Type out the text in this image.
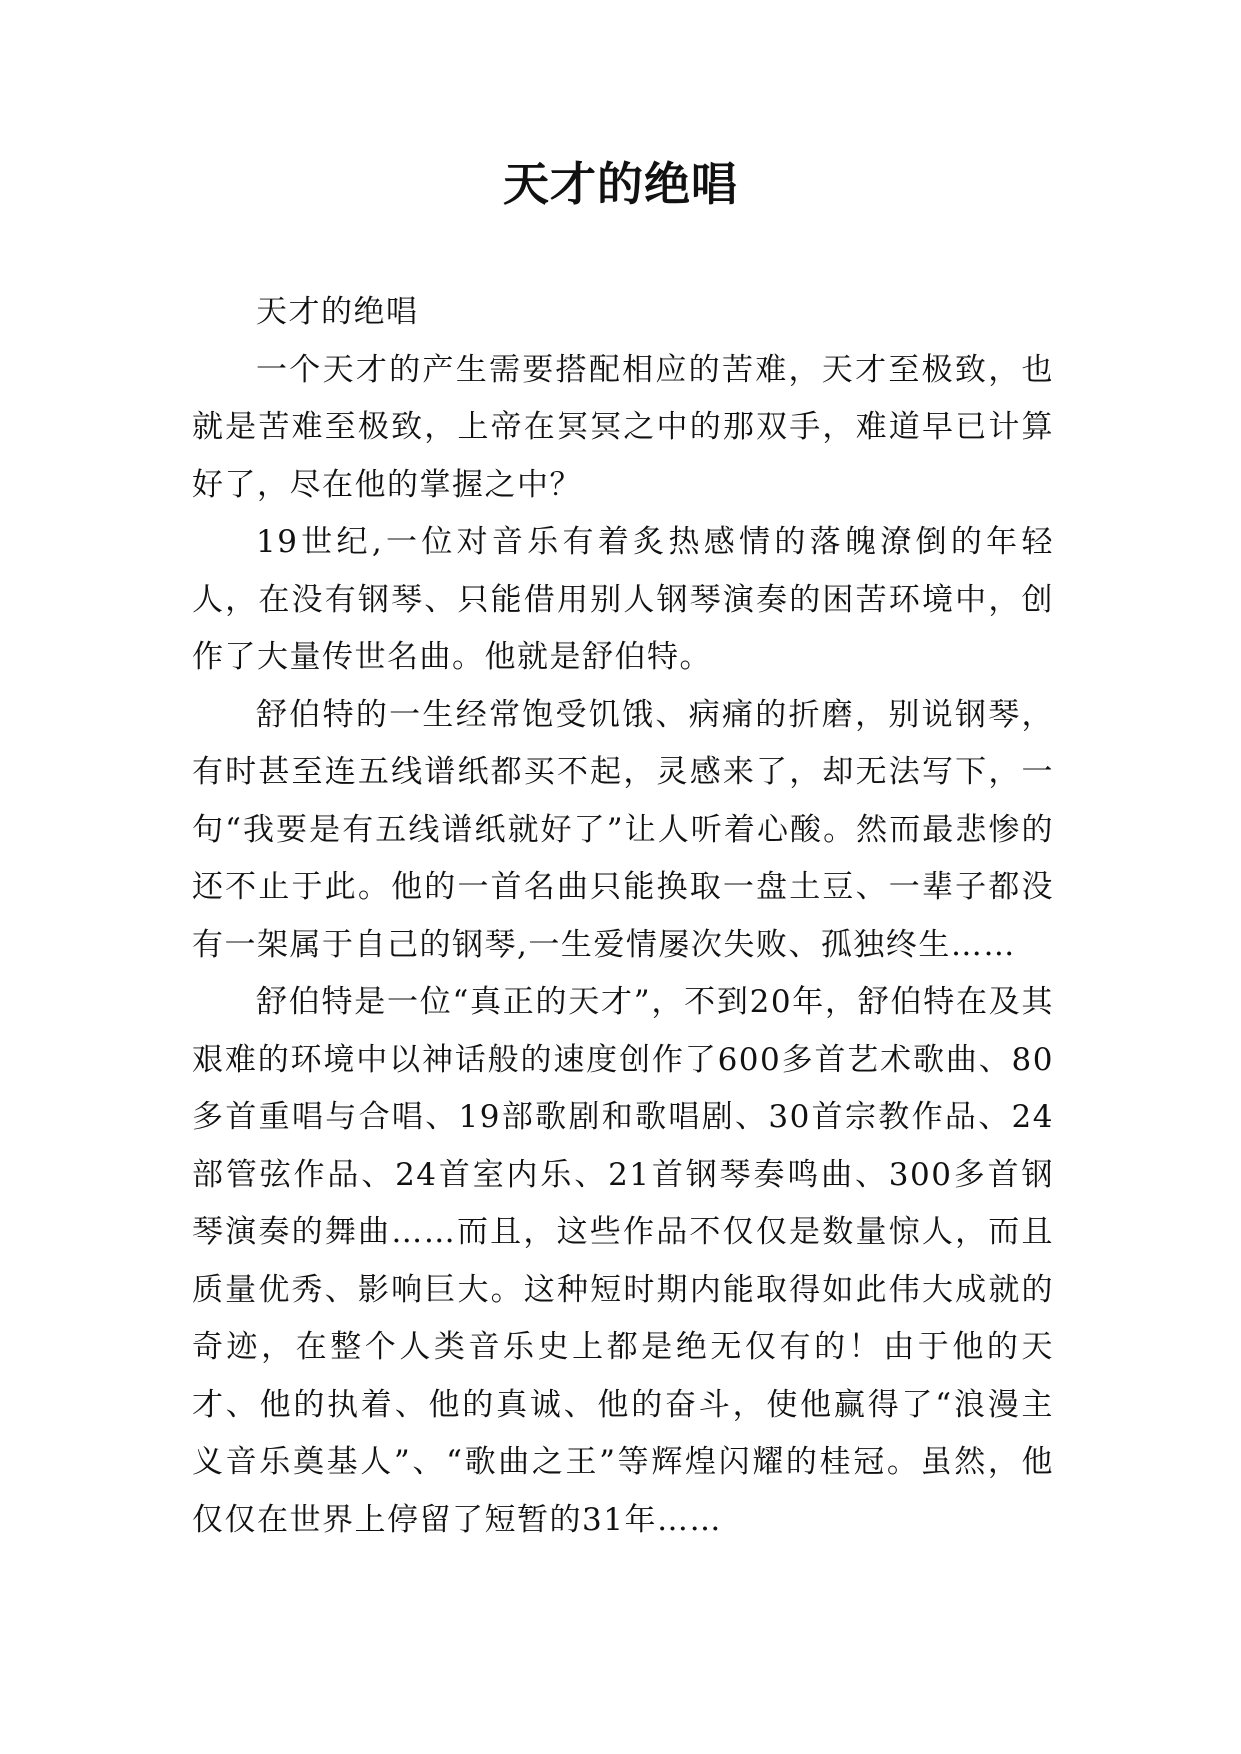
天才的绝唱

天才的绝唱

一个天才的产生需要搭配相应的苦难，天才至极致，也就是苦难至极致，上帝在冥冥之中的那双手，难道早已计算好了，尽在他的掌握之中？

19世纪,一位对音乐有着炙热感情的落魄潦倒的年轻人，在没有钢琴、只能借用别人钢琴演奏的困苦环境中，创作了大量传世名曲。他就是舒伯特。

舒伯特的一生经常饱受饥饿、病痛的折磨，别说钢琴，有时甚至连五线谱纸都买不起，灵感来了，却无法写下，一句“我要是有五线谱纸就好了”让人听着心酸。然而最悲惨的还不止于此。他的一首名曲只能换取一盘土豆、一辈子都没有一架属于自己的钢琴,一生爱情屡次失败、孤独终生……

舒伯特是一位“真正的天才”，不到20年，舒伯特在及其艰难的环境中以神话般的速度创作了600多首艺术歌曲、80多首重唱与合唱、19部歌剧和歌唱剧、30首宗教作品、24部管弦作品、24首室内乐、21首钢琴奏鸣曲、300多首钢琴演奏的舞曲……而且，这些作品不仅仅是数量惊人，而且质量优秀、影响巨大。这种短时期内能取得如此伟大成就的奇迹，在整个人类音乐史上都是绝无仅有的！由于他的天才、他的执着、他的真诚、他的奋斗，使他赢得了“浪漫主义音乐奠基人”、“歌曲之王”等辉煌闪耀的桂冠。虽然，他仅仅在世界上停留了短暂的31年……
